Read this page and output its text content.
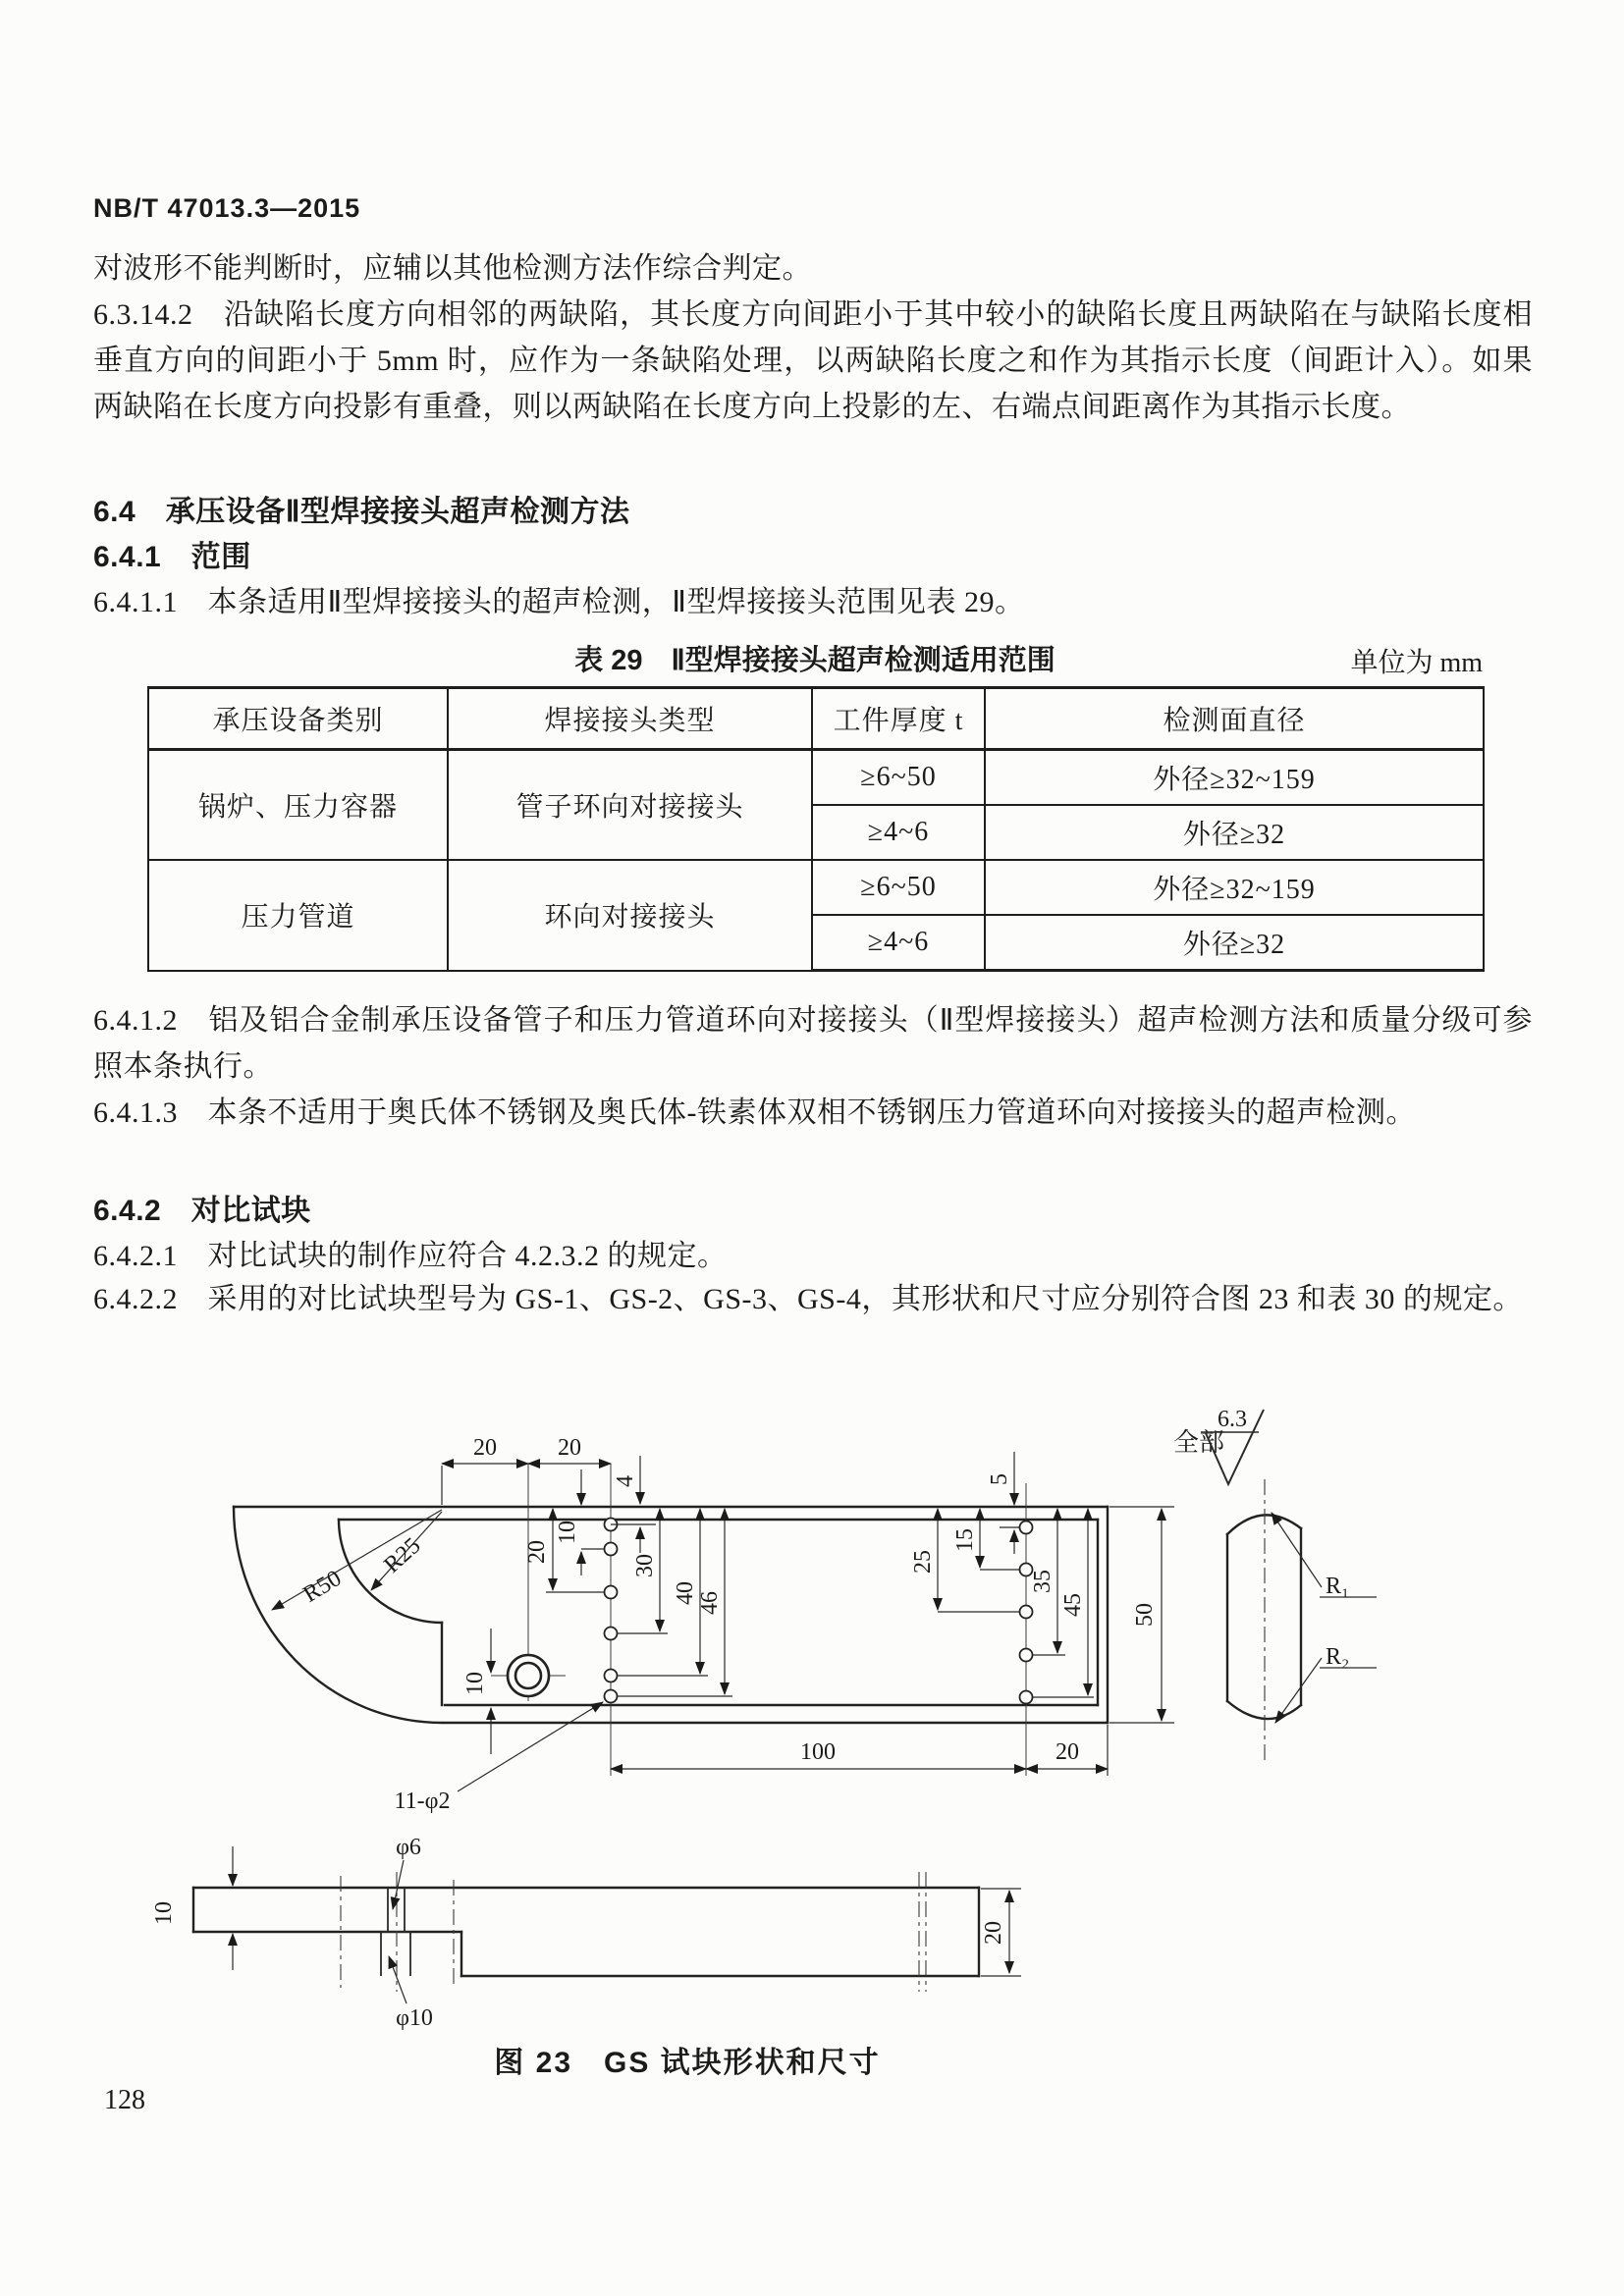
NB/T 47013.3—2015
对波形不能判断时，应辅以其他检测方法作综合判定。
6.3.14.2　沿缺陷长度方向相邻的两缺陷，其长度方向间距小于其中较小的缺陷长度且两缺陷在与缺陷长度相垂直方向的间距小于 5mm 时，应作为一条缺陷处理，以两缺陷长度之和作为其指示长度（间距计入）。如果两缺陷在长度方向投影有重叠，则以两缺陷在长度方向上投影的左、右端点间距离作为其指示长度。
6.4　承压设备Ⅱ型焊接接头超声检测方法
6.4.1　范围
6.4.1.1　本条适用Ⅱ型焊接接头的超声检测，Ⅱ型焊接接头范围见表 29。
表 29　Ⅱ型焊接接头超声检测适用范围	单位为 mm
承压设备类别	焊接接头类型	工件厚度 t	检测面直径
锅炉、压力容器	管子环向对接接头	≥6~50	外径≥32~159
		≥4~6	外径≥32
压力管道	环向对接接头	≥6~50	外径≥32~159
		≥4~6	外径≥32
6.4.1.2　铝及铝合金制承压设备管子和压力管道环向对接接头（Ⅱ型焊接接头）超声检测方法和质量分级可参照本条执行。
6.4.1.3　本条不适用于奥氏体不锈钢及奥氏体-铁素体双相不锈钢压力管道环向对接接头的超声检测。
6.4.2　对比试块
6.4.2.1　对比试块的制作应符合 4.2.3.2 的规定。
6.4.2.2　采用的对比试块型号为 GS-1、GS-2、GS-3、GS-4，其形状和尺寸应分别符合图 23 和表 30 的规定。
20	20
4
10
20
30
40 46
5
15
25
35
45 50
100	20
10
11-φ2
R50
R25
全部
6.3
R₁
R₂
10
20
φ6
φ10
图 23　GS 试块形状和尺寸
128
